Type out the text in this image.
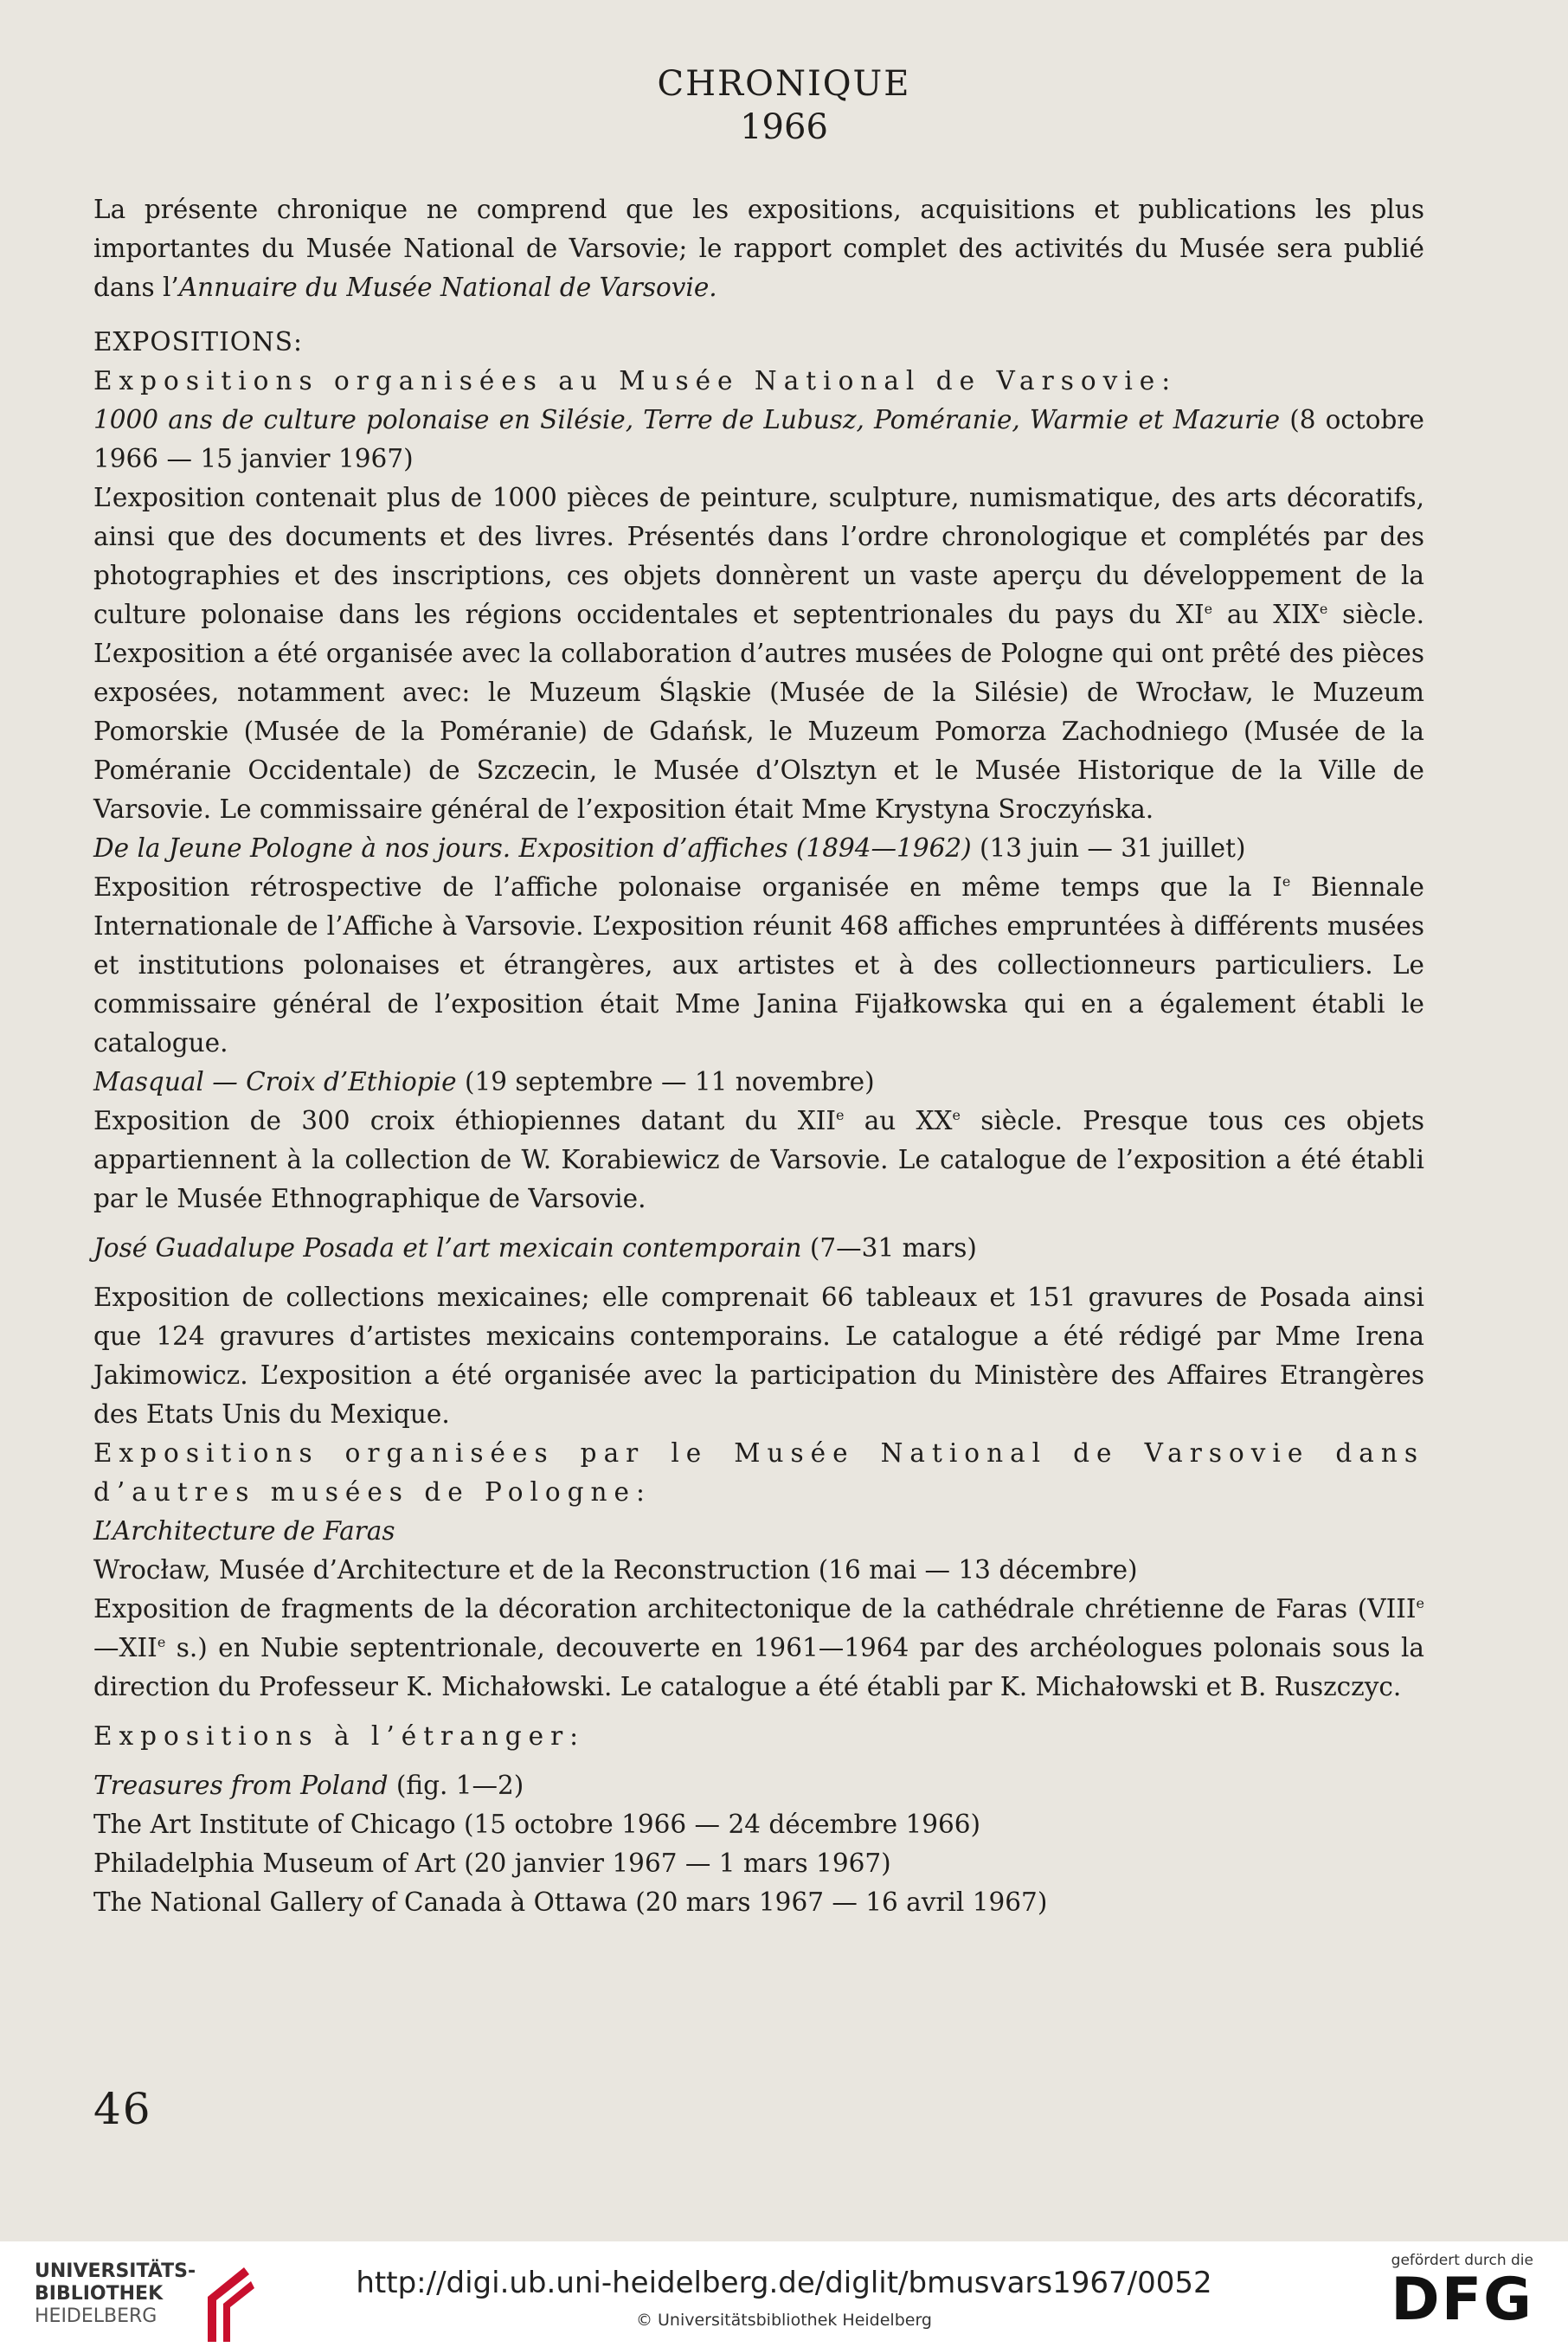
CHRONIQUE
1966

La présente chronique ne comprend que les expositions, acquisitions et publications les plus importantes du Musée National de Varsovie; le rapport complet des activités du Musée sera publié dans l’Annuaire du Musée National de Varsovie.

EXPOSITIONS:

Expositions organisées au Musée National de Varsovie:

1000 ans de culture polonaise en Silésie, Terre de Lubusz, Poméranie, Warmie et Mazurie (8 octobre 1966 — 15 janvier 1967)

L’exposition contenait plus de 1000 pièces de peinture, sculpture, numismatique, des arts décoratifs, ainsi que des documents et des livres. Présentés dans l’ordre chronologique et complétés par des photographies et des inscriptions, ces objets donnèrent un vaste aperçu du développement de la culture polonaise dans les régions occidentales et septentrionales du pays du XIe au XIXe siècle. L’exposition a été organisée avec la collaboration d’autres musées de Pologne qui ont prêté des pièces exposées, notamment avec: le Muzeum Śląskie (Musée de la Silésie) de Wrocław, le Muzeum Pomorskie (Musée de la Poméranie) de Gdańsk, le Muzeum Pomorza Zachodniego (Musée de la Poméranie Occidentale) de Szczecin, le Musée d’Olsztyn et le Musée Historique de la Ville de Varsovie. Le commissaire général de l’exposition était Mme Krystyna Sroczyńska.

De la Jeune Pologne à nos jours. Exposition d’affiches (1894—1962) (13 juin — 31 juillet)

Exposition rétrospective de l’affiche polonaise organisée en même temps que la Ie Biennale Internationale de l’Affiche à Varsovie. L’exposition réunit 468 affiches empruntées à différents musées et institutions polonaises et étrangères, aux artistes et à des collectionneurs particuliers. Le commissaire général de l’exposition était Mme Janina Fijałkowska qui en a également établi le catalogue.

Masqual — Croix d’Ethiopie (19 septembre — 11 novembre)

Exposition de 300 croix éthiopiennes datant du XIIe au XXe siècle. Presque tous ces objets appartiennent à la collection de W. Korabiewicz de Varsovie. Le catalogue de l’exposition a été établi par le Musée Ethnographique de Varsovie.

José Guadalupe Posada et l’art mexicain contemporain (7—31 mars)

Exposition de collections mexicaines; elle comprenait 66 tableaux et 151 gravures de Posada ainsi que 124 gravures d’artistes mexicains contemporains. Le catalogue a été rédigé par Mme Irena Jakimowicz. L’exposition a été organisée avec la participation du Ministère des Affaires Etrangères des Etats Unis du Mexique.

Expositions organisées par le Musée National de Varsovie dans d’autres musées de Pologne:

L’Architecture de Faras

Wrocław, Musée d’Architecture et de la Reconstruction (16 mai — 13 décembre)

Exposition de fragments de la décoration architectonique de la cathédrale chrétienne de Faras (VIIIe—XIIe s.) en Nubie septentrionale, decouverte en 1961—1964 par des archéologues polonais sous la direction du Professeur K. Michałowski. Le catalogue a été établi par K. Michałowski et B. Ruszczyc.

Expositions à l’étranger:

Treasures from Poland (fig. 1—2)

The Art Institute of Chicago (15 octobre 1966 — 24 décembre 1966)

Philadelphia Museum of Art (20 janvier 1967 — 1 mars 1967)

The National Gallery of Canada à Ottawa (20 mars 1967 — 16 avril 1967)

46
UNIVERSITÄTS-
BIBLIOTHEK
HEIDELBERG
http://digi.ub.uni-heidelberg.de/diglit/bmusvars1967/0052
© Universitätsbibliothek Heidelberg
gefördert durch die
DFG
